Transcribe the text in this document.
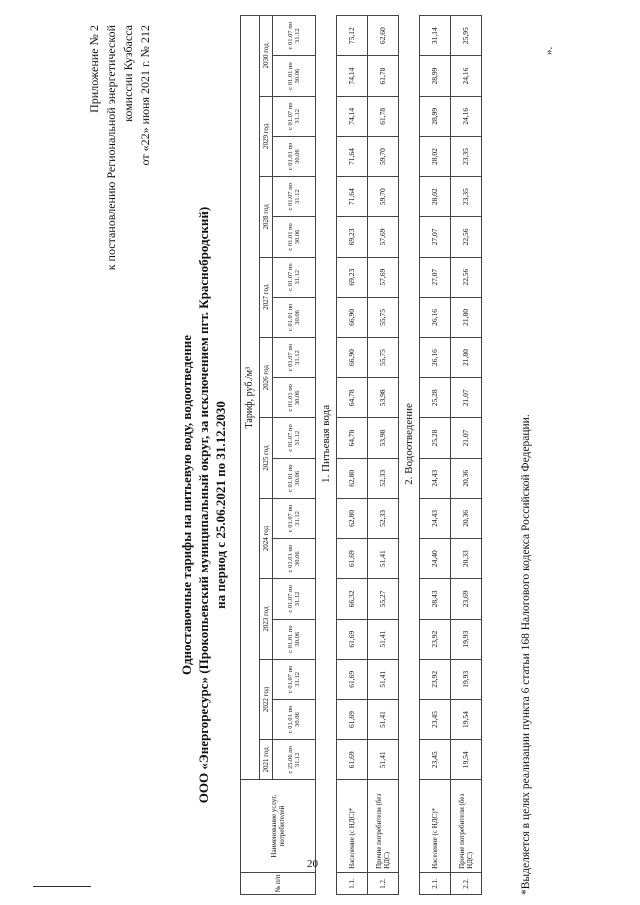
20
».
Приложение № 2 к постановлению Региональной энергетической комиссии Кузбасса от «22» июня 2021 г. № 212
Одноставочные тарифы на питьевую воду, водоотведение ООО «Энергоресурс» (Прокопьевский муниципальный округ, за исключением пгт. Краснобродский) на период с 25.06.2021 по 31.12.2030
№ п/п	Наименование услуг, потребителей	Тариф, руб./м³																		
		2021 год	2022 год		2023 год		2024 год		2025 год		2026 год		2027 год		2028 год		2029 год		2030 год	
		с 25.06 по 31.12	с 01.01 по 30.06	с 01.07 по 31.12	с 01.01 по 30.06	с 01.07 по 31.12	с 01.01 по 30.06	с 01.07 по 31.12	с 01.01 по 30.06	с 01.07 по 31.12	с 01.01 по 30.06	с 01.07 по 31.12	с 01.01 по 30.06	с 01.07 по 31.12	с 01.01 по 30.06	с 01.07 по 31.12	с 01.01 по 30.06	с 01.07 по 31.12	с 01.01 по 30.06	с 01.07 по 31.12
	1. Питьевая вода																			
1.1.	Население (с НДС)*	61,69	61,69	61,69	61,69	66,32	61,69	62,80	62,80	64,78	64,78	66,90	66,90	69,23	69,23	71,64	71,64	74,14	74,14	75,12
1.2.	Прочие потребители (без НДС)	51,41	51,41	51,41	51,41	55,27	51,41	52,33	52,33	53,98	53,98	55,75	55,75	57,69	57,69	59,70	59,70	61,78	61,78	62,60
	2. Водоотведение																			
2.1.	Население (с НДС)*	23,45	23,45	23,92	23,92	28,43	24,40	24,43	24,43	25,28	25,28	26,16	26,16	27,07	27,07	28,02	28,02	28,99	28,99	31,14
2.2.	Прочие потребители (без НДС)	19,54	19,54	19,93	19,93	23,69	20,33	20,36	20,36	21,07	21,07	21,80	21,80	22,56	22,56	23,35	23,35	24,16	24,16	25,95
*Выделяется в целях реализации пункта 6 статьи 168 Налогового кодекса Российской Федерации.
